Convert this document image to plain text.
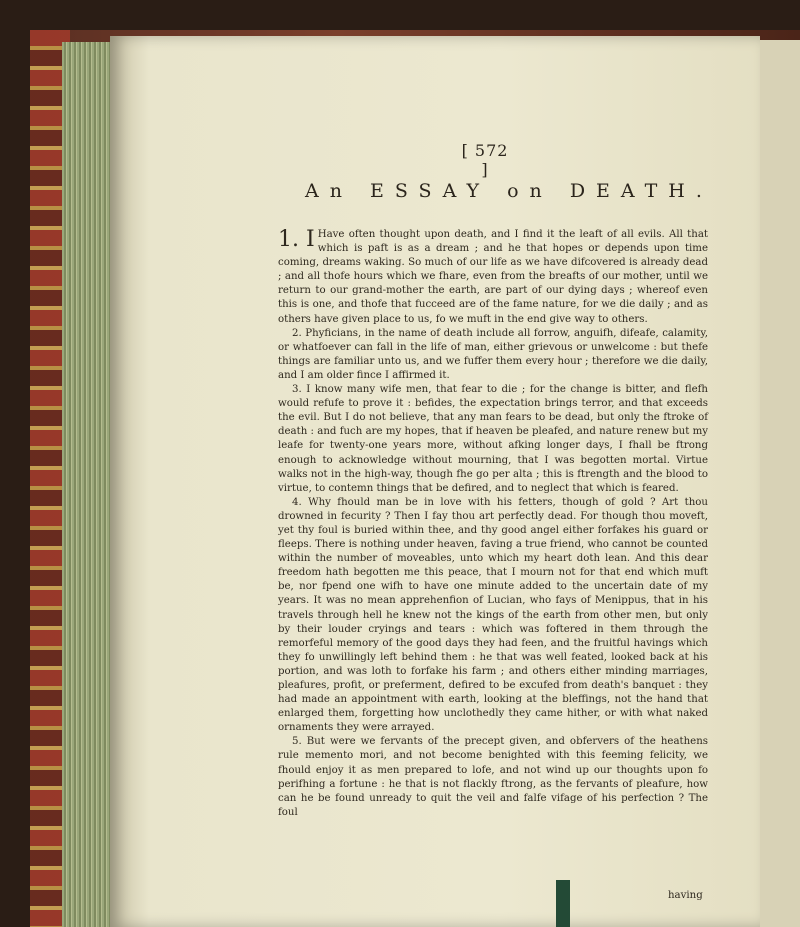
[ 572 ]
An ESSAY on DEATH.

1. I Have often thought upon death, and I find it the leaft of all evils. All that which is paft is as a dream ; and he that hopes or depends upon time coming, dreams waking. So much of our life as we have difcovered is already dead ; and all thofe hours which we fhare, even from the breafts of our mother, until we return to our grand-mother the earth, are part of our dying days ; whereof even this is one, and thofe that fucceed are of the fame nature, for we die daily ; and as others have given place to us, fo we muft in the end give way to others.

2. Phyficians, in the name of death include all forrow, anguifh, difeafe, calamity, or whatfoever can fall in the life of man, either grievous or unwelcome : but thefe things are familiar unto us, and we fuffer them every hour ; therefore we die daily, and I am older fince I affirmed it.

3. I know many wife men, that fear to die ; for the change is bitter, and flefh would refufe to prove it : befides, the expectation brings terror, and that exceeds the evil. But I do not believe, that any man fears to be dead, but only the ftroke of death : and fuch are my hopes, that if heaven be pleafed, and nature renew but my leafe for twenty-one years more, without afking longer days, I fhall be ftrong enough to acknowledge without mourning, that I was begotten mortal. Virtue walks not in the high-way, though fhe go per alta ; this is ftrength and the blood to virtue, to contemn things that be defired, and to neglect that which is feared.

4. Why fhould man be in love with his fetters, though of gold ? Art thou drowned in fecurity ? Then I fay thou art perfectly dead. For though thou moveft, yet thy foul is buried within thee, and thy good angel either forfakes his guard or fleeps. There is nothing under heaven, faving a true friend, who cannot be counted within the number of moveables, unto which my heart doth lean. And this dear freedom hath begotten me this peace, that I mourn not for that end which muft be, nor fpend one wifh to have one minute added to the uncertain date of my years. It was no mean apprehenfion of Lucian, who fays of Menippus, that in his travels through hell he knew not the kings of the earth from other men, but only by their louder cryings and tears : which was foftered in them through the remorfeful memory of the good days they had feen, and the fruitful havings which they fo unwillingly left behind them : he that was well feated, looked back at his portion, and was loth to forfake his farm ; and others either minding marriages, pleafures, profit, or preferment, defired to be excufed from death's banquet : they had made an appointment with earth, looking at the bleffings, not the hand that enlarged them, forgetting how unclothedly they came hither, or with what naked ornaments they were arrayed.

5. But were we fervants of the precept given, and obfervers of the heathens rule memento mori, and not become benighted with this feeming felicity, we fhould enjoy it as men prepared to lofe, and not wind up our thoughts upon fo perifhing a fortune : he that is not flackly ftrong, as the fervants of pleafure, how can he be found unready to quit the veil and falfe vifage of his perfection ? The foul

having
